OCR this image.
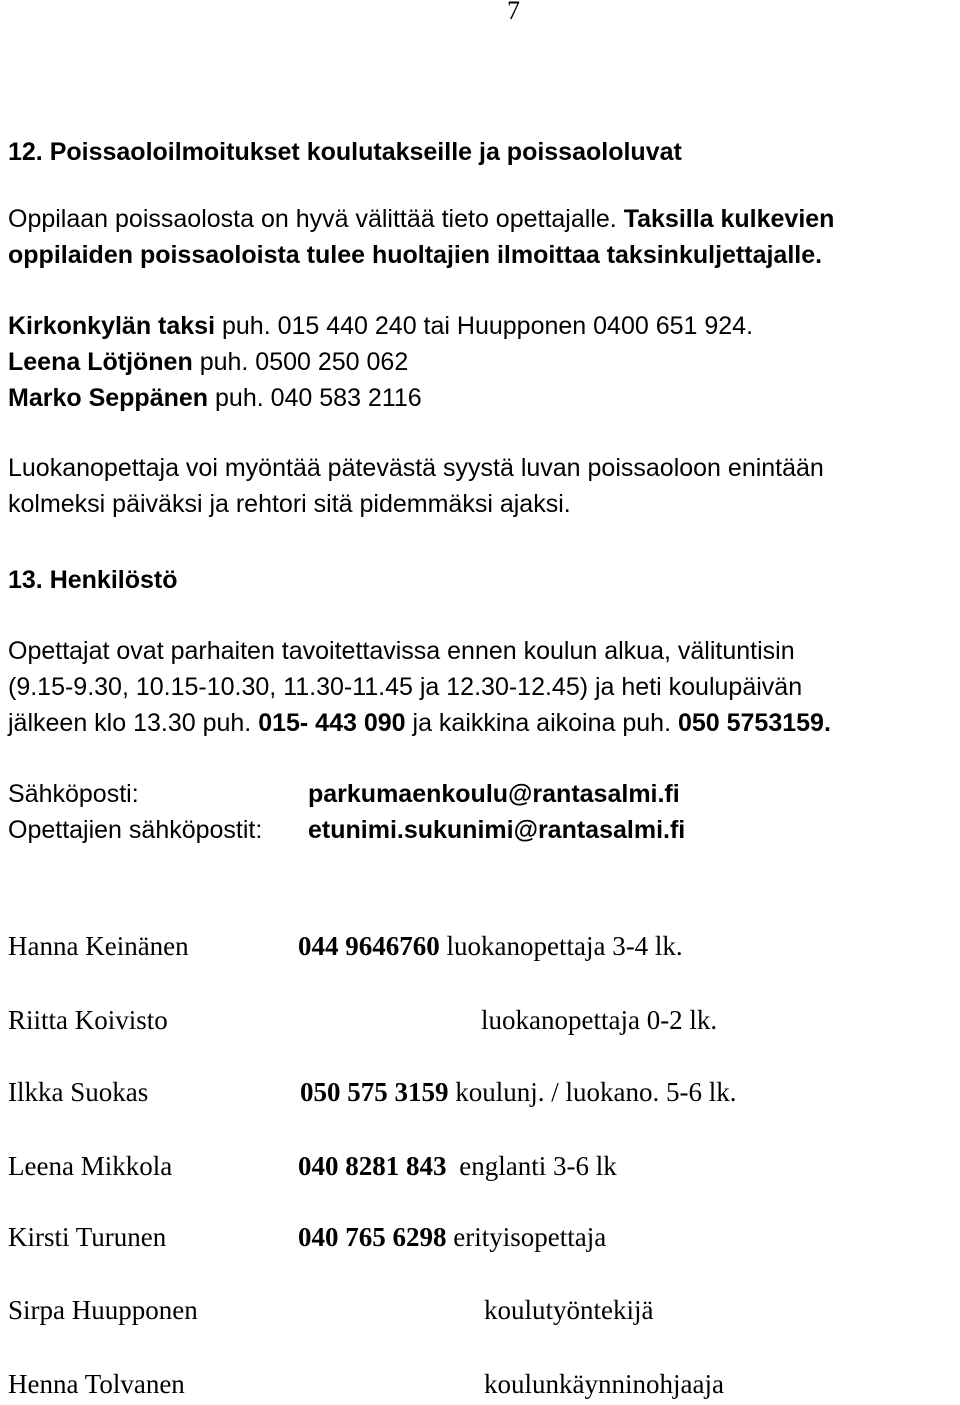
7
12. Poissaoloilmoitukset koulutakseille ja poissaololuvat
Oppilaan poissaolosta on hyvä välittää tieto opettajalle. Taksilla kulkevien
oppilaiden poissaoloista tulee huoltajien ilmoittaa taksinkuljettajalle.
Kirkonkylän taksi puh. 015 440 240 tai Huupponen 0400 651 924.
Leena Lötjönen puh. 0500 250 062
Marko Seppänen puh. 040 583 2116
Luokanopettaja voi myöntää pätevästä syystä luvan poissaoloon enintään
kolmeksi päiväksi ja rehtori sitä pidemmäksi ajaksi.
13. Henkilöstö
Opettajat ovat parhaiten tavoitettavissa ennen koulun alkua, välituntisin
(9.15-9.30, 10.15-10.30, 11.30-11.45 ja 12.30-12.45) ja heti koulupäivän
jälkeen klo 13.30 puh. 015- 443 090 ja kaikkina aikoina puh. 050 5753159.
Sähköposti:	parkumaenkoulu@rantasalmi.fi
Opettajien sähköpostit: etunimi.sukunimi@rantasalmi.fi
Hanna Keinänen	044 9646760 luokanopettaja 3-4 lk.
Riitta Koivisto	luokanopettaja 0-2 lk.
Ilkka Suokas	050 575 3159 koulunj. / luokano. 5-6 lk.
Leena Mikkola	040 8281 843 englanti 3-6 lk
Kirsti Turunen	040 765 6298 erityisopettaja
Sirpa Huupponen	koulutyöntekijä
Henna Tolvanen	koulunkäynninohjaaja
